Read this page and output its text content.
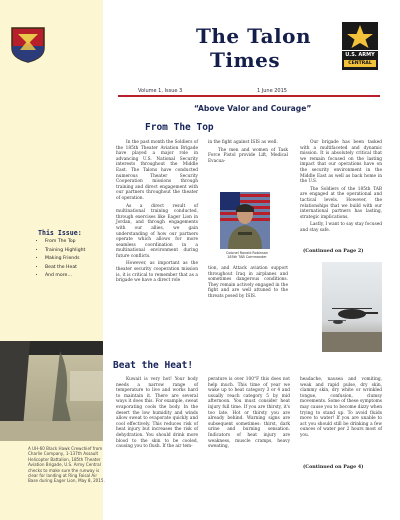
The Talon
Times	U.S. ARMY
CENTRAL
Volume 1, Issue 3	1 June 2015
“Above Valor and Courage”
From The Top

In the past month the Soldiers of the 185th Theater Aviation Brigade have played a major role in advancing U.S. National Security interests throughout the Middle East. The Talons have conducted numerous Theater Security Cooperation missions through training and direct engagement with our partners throughout the theater of operation.

As a direct result of multinational training conducted, through exercises like Eager Lion in Jordan, and through engagements with our allies, we gain understanding of how our partners operate which allows for more seamless coordination in a multinational environment during future conflicts.

However, as important as the theater security cooperation mission is, it is critical to remember that as a brigade we have a direct role

in the fight against ISIS as well.

The men and women of Task Force Pistol provide Lift, Medical Evacua-

Colonel Ronald Robinson
185th TAB Commander

tion, and Attack aviation support throughout Iraq in airplanes and sometimes dangerous conditions. They remain actively engaged in the fight and are well attuned to the threats posed by ISIS.

Our brigade has been tasked with a multifaceted and dynamic mission. It is absolutely critical that we remain focused on the lasting impact that our operations have on the security environment in the Middle East as well as back home in the U.S.

The Soldiers of the 185th TAB are engaged at the operational and tactical levels. However, the relationships that we build with our international partners has lasting, strategic implications.

Lastly, I want to say stay focused and stay safe.

(Continued on Page 2)
This Issue:
• From The Top
• Training Highlight
• Making Friends
• Beat the Heat
• And more…
A UH-60 Black Hawk Crewchief from Charlie Company, 1-137th Assault Helicopter Battalion, 185th Theater Aviation Brigade, U.S. Army Central checks to make sure the runway is clear for landing at Ring Faisal Air Base during Eager Lion, May 8, 2015.
Beat the Heat!

Kuwait is very hot! Your body needs a narrow range of temperature to live and works hard to maintain it. There are several ways it does this. For example, sweat evaporating cools the body. In the desert the low humidity and winds allow sweat to evaporate quickly and cool effectively. This reduces risk of heat injury but increases the risk of dehydration. You should drink more blood to the skin to be cooled, causing you to flush. If the air tem-

perature is over 100°F this does not help much. This time of year we wake up to heat category 3 or 4 and usually reach category 5 by mid afternoon. You must consider heat injury full time. If you are thirsty, it's too late. Hot or thirsty you are already behind. Warning signs are subsequent sometimes: thirst, dark urine and burning sensation. Indicators of heat injury are weakness, muscle cramps, heavy sweating,

headache, nausea and vomiting, weak and rapid pulse, dry skin, clammy skin, dry white or wrinkled tongue, confusion, clumsy movements. Some of these symptoms may cause you to become dizzy when trying to stand up. To avoid fluids move to water! If you are unable to act you should still be drinking a few ounces of water per 2 hours most of you.

(Continued on Page 4)
